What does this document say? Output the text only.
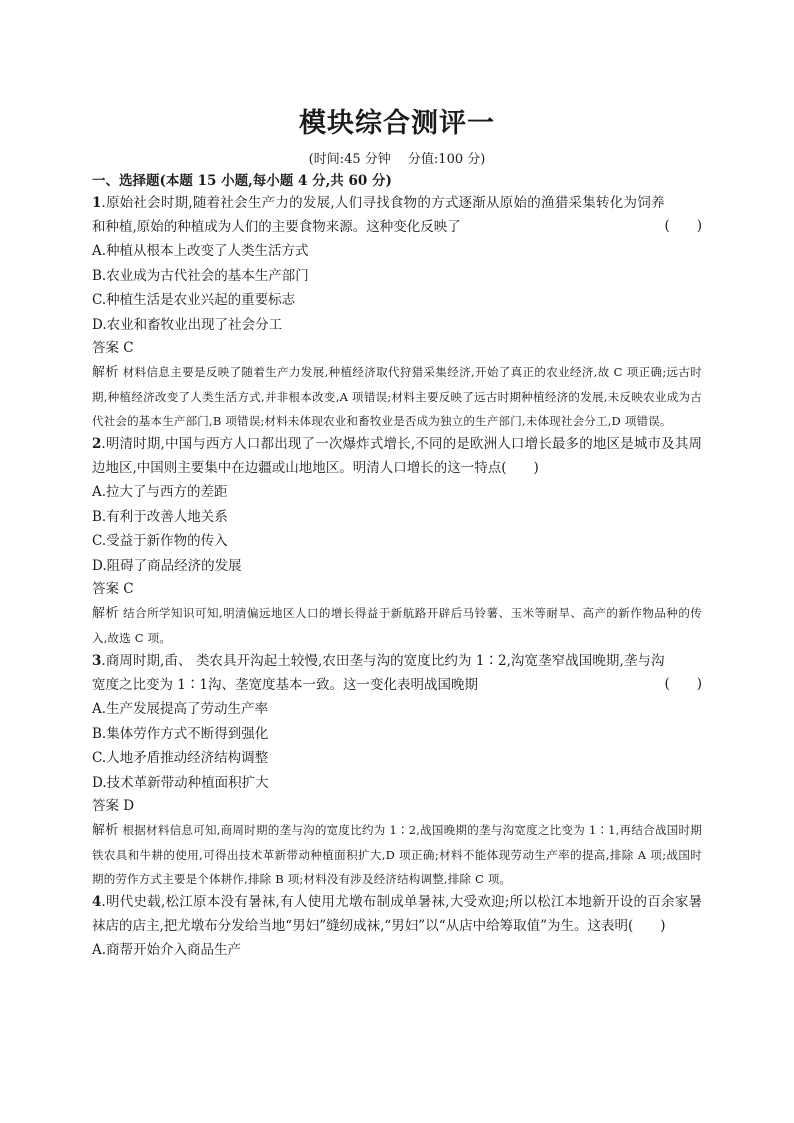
模块综合测评一
(时间:45 分钟　 分值:100 分)
一、选择题(本题 15 小题,每小题 4 分,共 60 分)
(　　)
1.原始社会时期,随着社会生产力的发展,人们寻找食物的方式逐渐从原始的渔猎采集转化为饲养和种植,原始的种植成为人们的主要食物来源。这种变化反映了
A.种植从根本上改变了人类生活方式
B.农业成为古代社会的基本生产部门
C.种植生活是农业兴起的重要标志
D.农业和畜牧业出现了社会分工
答案 C
解析 材料信息主要是反映了随着生产力发展,种植经济取代狩猎采集经济,开始了真正的农业经济,故 C 项正确;远古时期,种植经济改变了人类生活方式,并非根本改变,A 项错误;材料主要反映了远古时期种植经济的发展,未反映农业成为古代社会的基本生产部门,B 项错误;材料未体现农业和畜牧业是否成为独立的生产部门,未体现社会分工,D 项错误。
2.明清时期,中国与西方人口都出现了一次爆炸式增长,不同的是欧洲人口增长最多的地区是城市及其周边地区,中国则主要集中在边疆或山地地区。明清人口增长的这一特点(　　)
A.拉大了与西方的差距
B.有利于改善人地关系
C.受益于新作物的传入
D.阻碍了商品经济的发展
答案 C
解析 结合所学知识可知,明清偏远地区人口的增长得益于新航路开辟后马铃薯、玉米等耐旱、高产的新作物品种的传入,故选 C 项。
(　　)
3.商周时期,臿、 类农具开沟起土较慢,农田垄与沟的宽度比约为 1∶2,沟宽垄窄战国晚期,垄与沟宽度之比变为 1∶1沟、垄宽度基本一致。这一变化表明战国晚期
A.生产发展提高了劳动生产率
B.集体劳作方式不断得到强化
C.人地矛盾推动经济结构调整
D.技术革新带动种植面积扩大
答案 D
解析 根据材料信息可知,商周时期的垄与沟的宽度比约为 1∶2,战国晚期的垄与沟宽度之比变为 1∶1,再结合战国时期铁农具和牛耕的使用,可得出技术革新带动种植面积扩大,D 项正确;材料不能体现劳动生产率的提高,排除 A 项;战国时期的劳作方式主要是个体耕作,排除 B 项;材料没有涉及经济结构调整,排除 C 项。
4.明代史载,松江原本没有暑袜,有人使用尤墩布制成单暑袜,大受欢迎;所以松江本地新开设的百余家暑袜店的店主,把尤墩布分发给当地“男妇”缝纫成袜,“男妇”以“从店中给筹取值”为生。这表明(　　)
A.商帮开始介入商品生产
